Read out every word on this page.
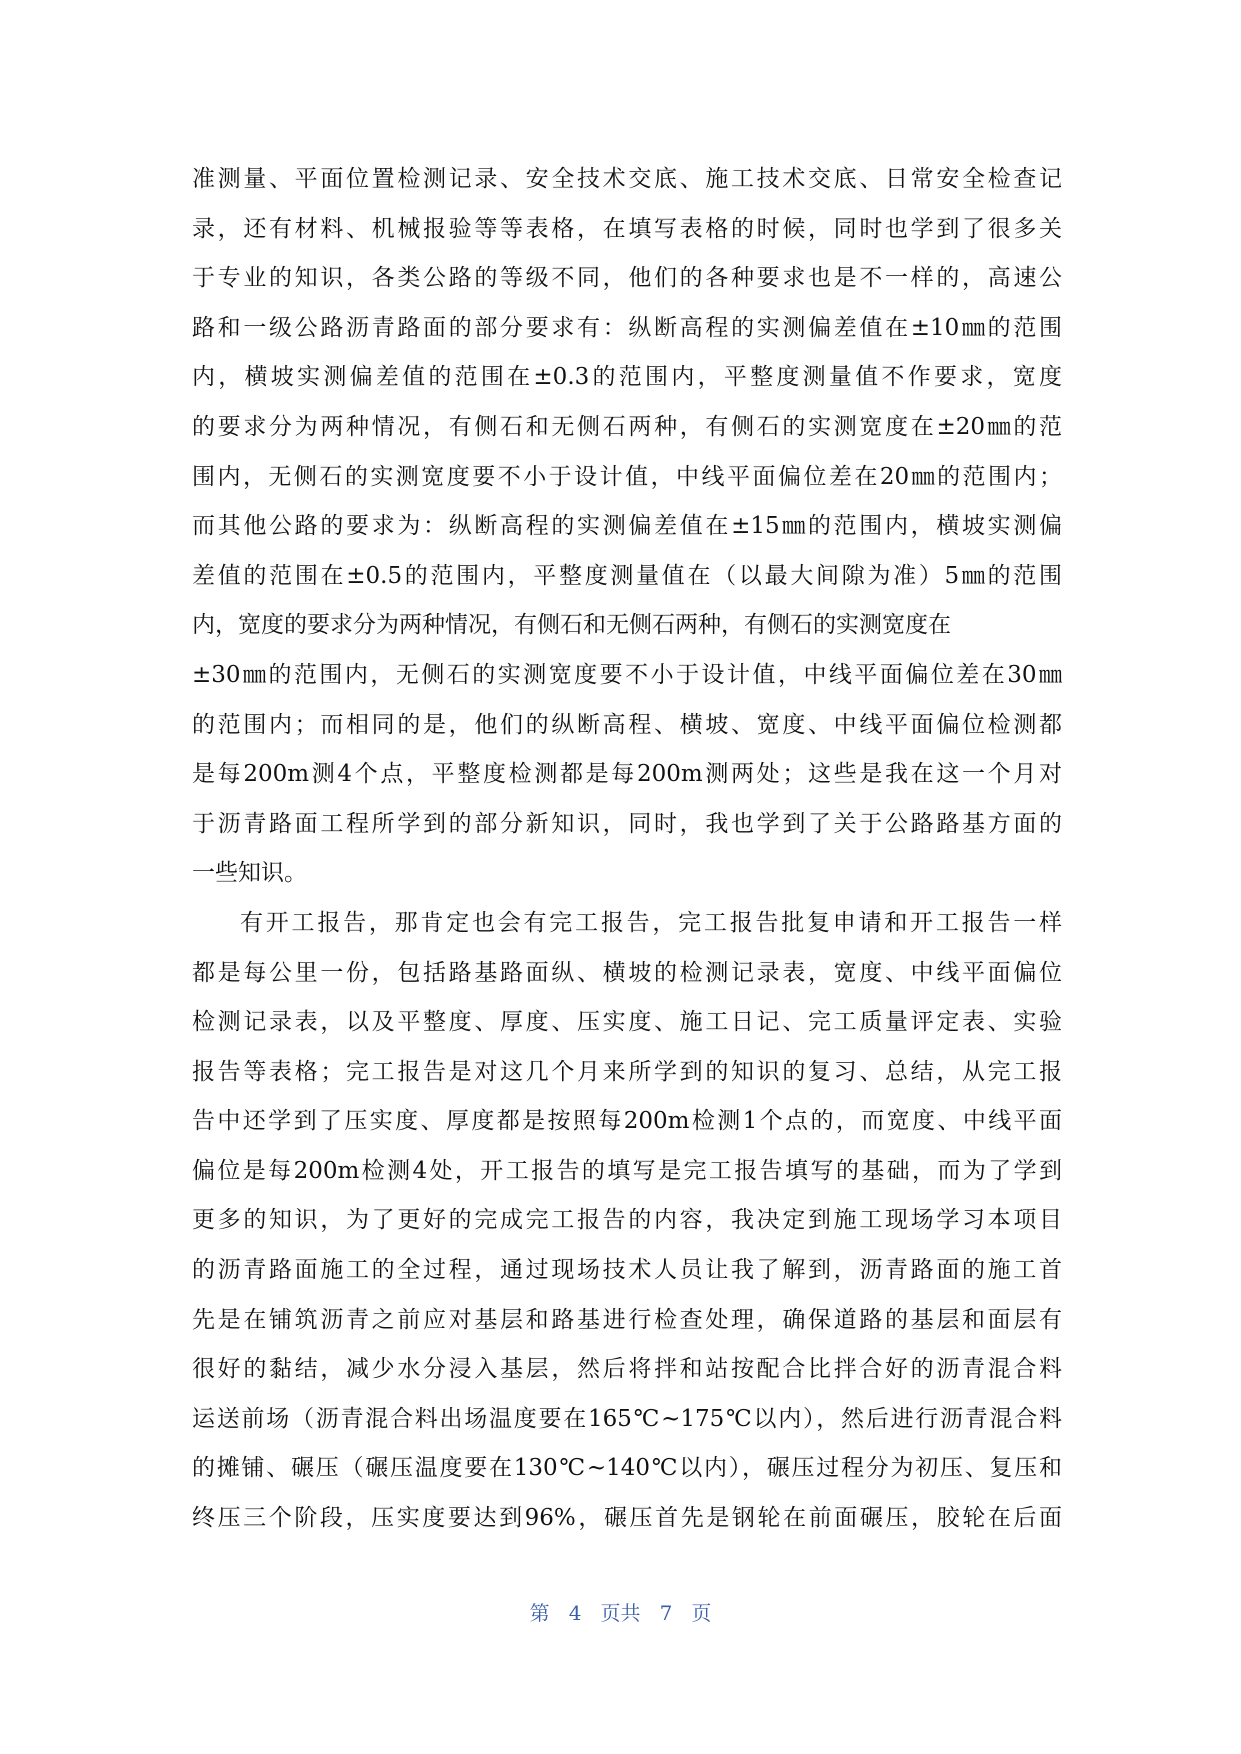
准测量、平面位置检测记录、安全技术交底、施工技术交底、日常安全检查记
录，还有材料、机械报验等等表格，在填写表格的时候，同时也学到了很多关
于专业的知识，各类公路的等级不同，他们的各种要求也是不一样的，高速公
路和一级公路沥青路面的部分要求有：纵断高程的实测偏差值在±10㎜的范围
内，横坡实测偏差值的范围在±0.3的范围内，平整度测量值不作要求，宽度
的要求分为两种情况，有侧石和无侧石两种，有侧石的实测宽度在±20㎜的范
围内，无侧石的实测宽度要不小于设计值，中线平面偏位差在20㎜的范围内；
而其他公路的要求为：纵断高程的实测偏差值在±15㎜的范围内，横坡实测偏
差值的范围在±0.5的范围内，平整度测量值在（以最大间隙为准）5㎜的范围
内，宽度的要求分为两种情况，有侧石和无侧石两种，有侧石的实测宽度在
±30㎜的范围内，无侧石的实测宽度要不小于设计值，中线平面偏位差在30㎜
的范围内；而相同的是，他们的纵断高程、横坡、宽度、中线平面偏位检测都
是每200m测4个点，平整度检测都是每200m测两处；这些是我在这一个月对
于沥青路面工程所学到的部分新知识，同时，我也学到了关于公路路基方面的
一些知识。
有开工报告，那肯定也会有完工报告，完工报告批复申请和开工报告一样
都是每公里一份，包括路基路面纵、横坡的检测记录表，宽度、中线平面偏位
检测记录表，以及平整度、厚度、压实度、施工日记、完工质量评定表、实验
报告等表格；完工报告是对这几个月来所学到的知识的复习、总结，从完工报
告中还学到了压实度、厚度都是按照每200m检测1个点的，而宽度、中线平面
偏位是每200m检测4处，开工报告的填写是完工报告填写的基础，而为了学到
更多的知识，为了更好的完成完工报告的内容，我决定到施工现场学习本项目
的沥青路面施工的全过程，通过现场技术人员让我了解到，沥青路面的施工首
先是在铺筑沥青之前应对基层和路基进行检查处理，确保道路的基层和面层有
很好的黏结，减少水分浸入基层，然后将拌和站按配合比拌合好的沥青混合料
运送前场（沥青混合料出场温度要在165℃~175℃以内），然后进行沥青混合料
的摊铺、碾压（碾压温度要在130℃~140℃以内），碾压过程分为初压、复压和
终压三个阶段，压实度要达到96%，碾压首先是钢轮在前面碾压，胶轮在后面
第 4 页共 7 页
